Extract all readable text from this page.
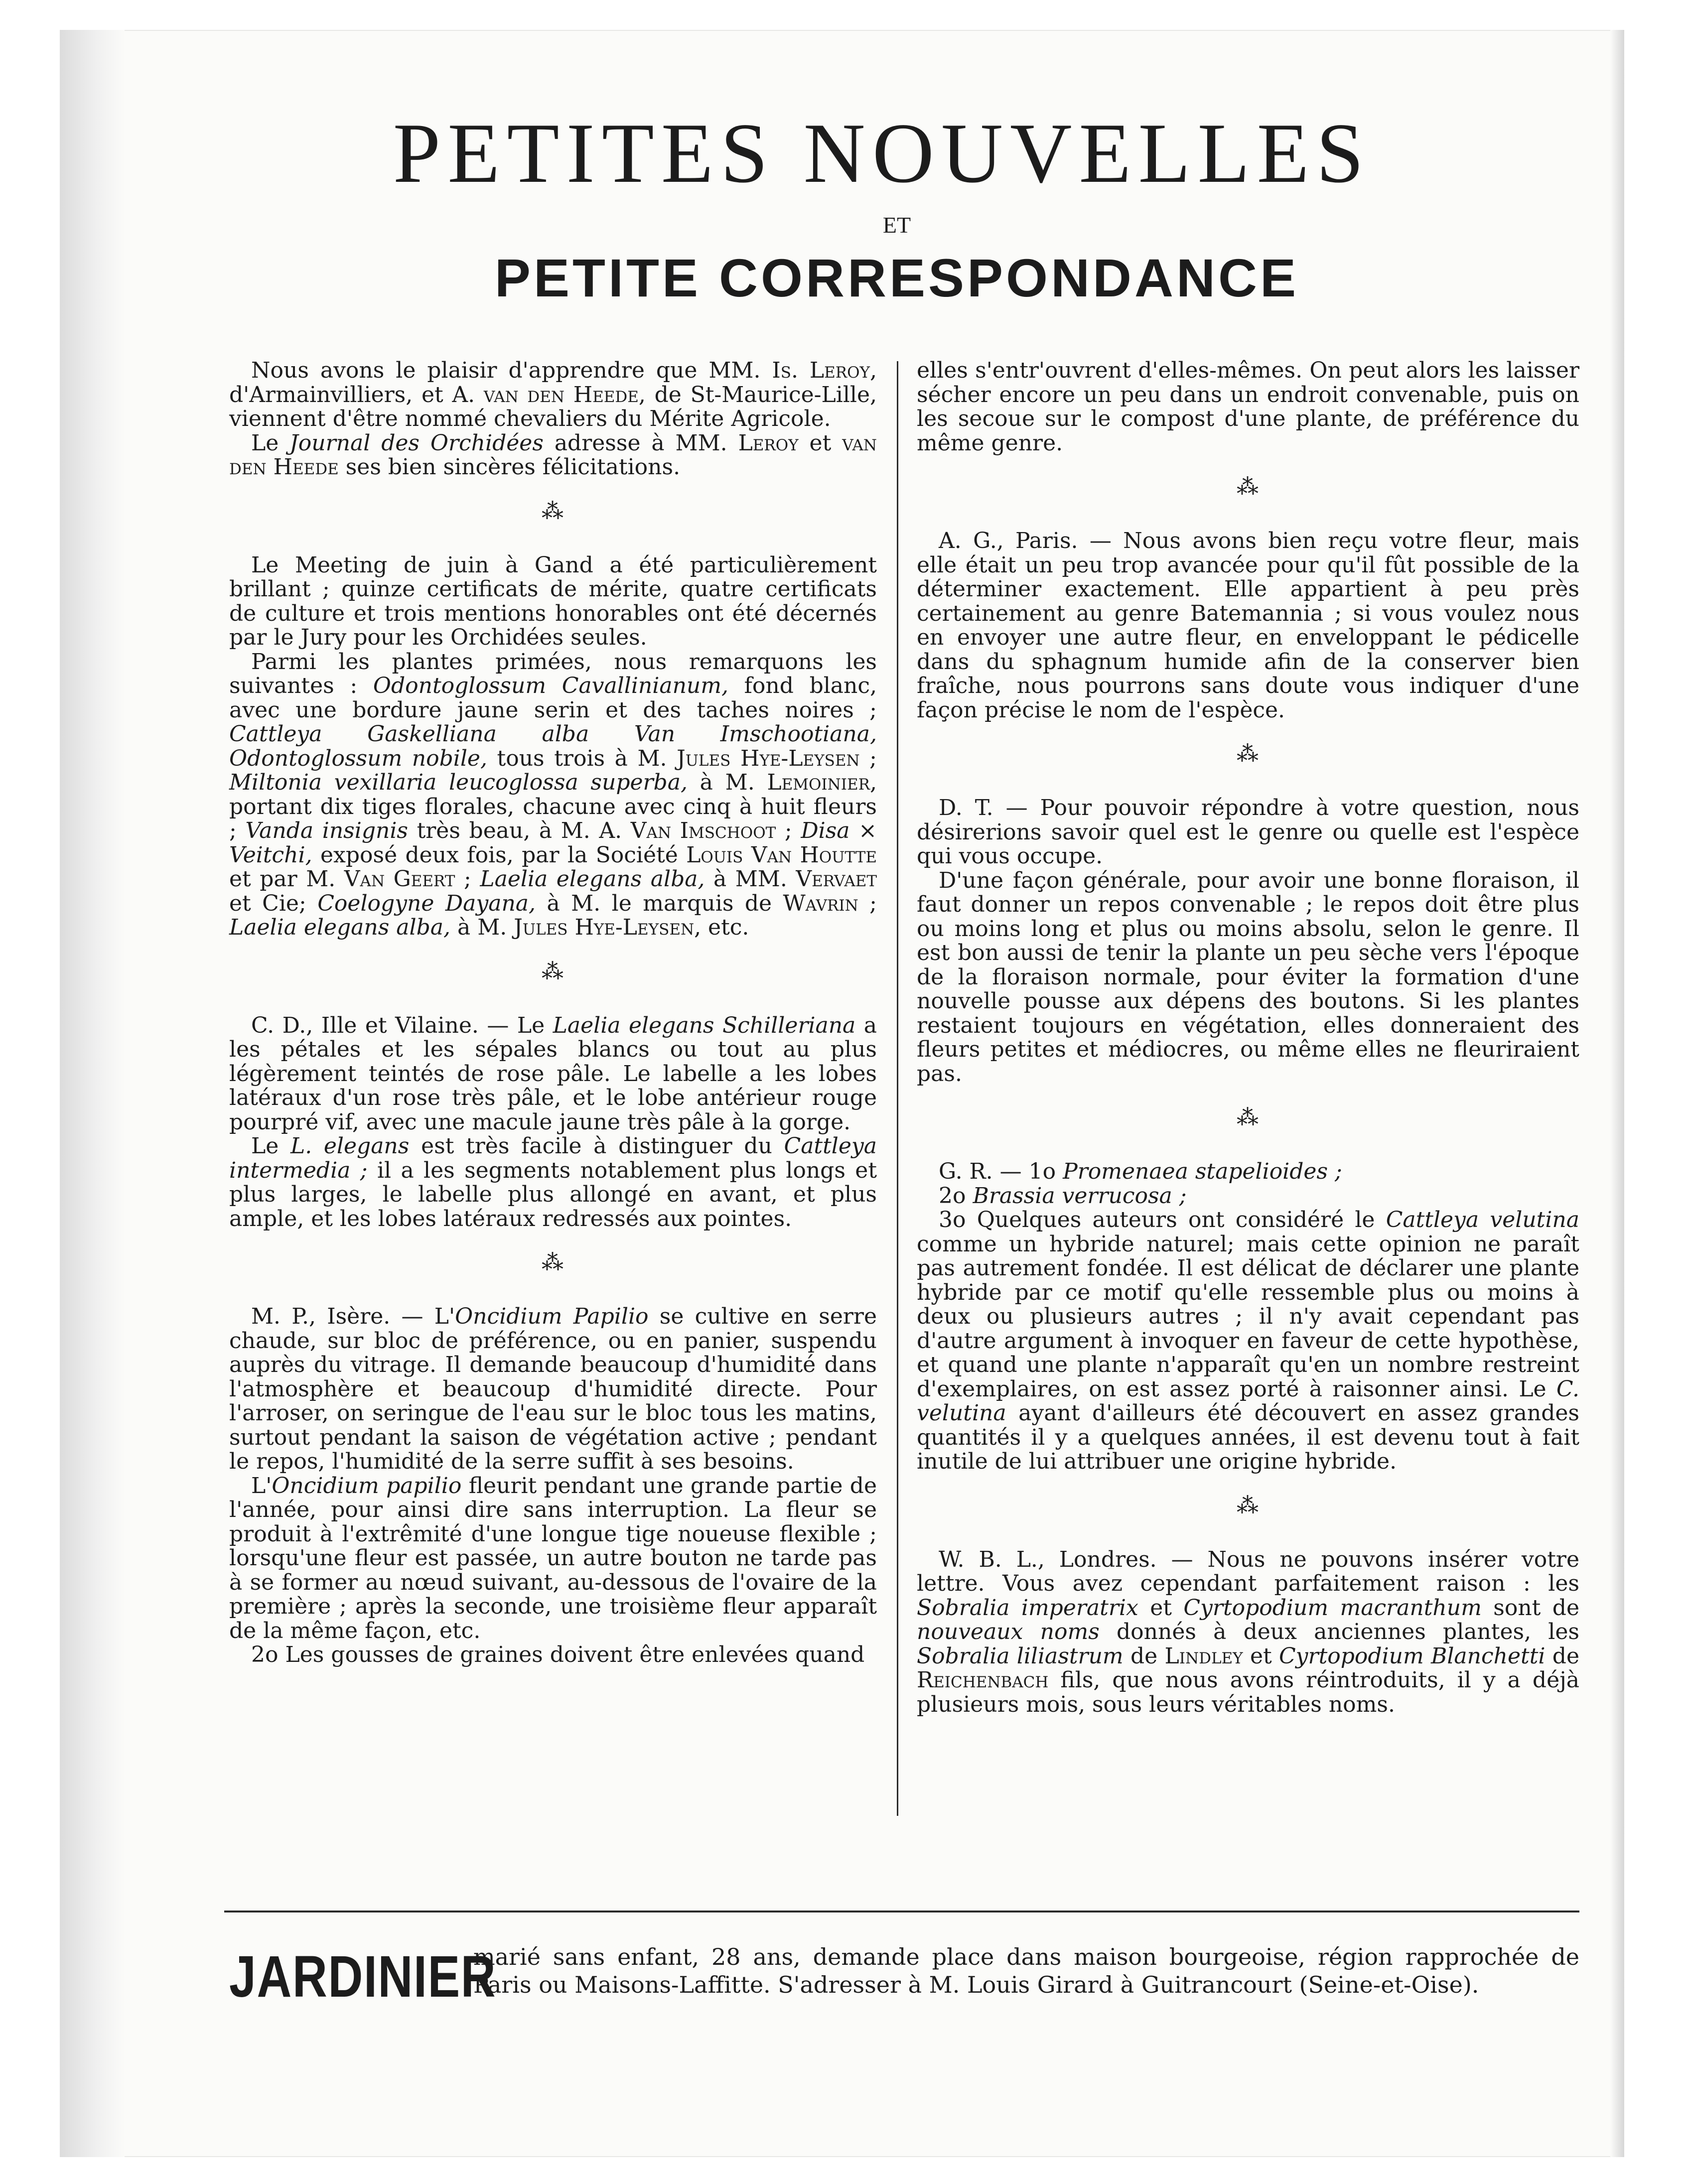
PETITES NOUVELLES
ET
PETITE CORRESPONDANCE

Nous avons le plaisir d'apprendre que MM. Is. Leroy, d'Armainvilliers, et A. van den Heede, de St-Maurice-Lille, viennent d'être nommé chevaliers du Mérite Agricole.

Le Journal des Orchidées adresse à MM. Leroy et van den Heede ses bien sincères félicitations.

⁂

Le Meeting de juin à Gand a été particulièrement brillant ; quinze certificats de mérite, quatre certificats de culture et trois mentions honorables ont été décernés par le Jury pour les Orchidées seules.

Parmi les plantes primées, nous remarquons les suivantes : Odontoglossum Cavallinianum, fond blanc, avec une bordure jaune serin et des taches noires ; Cattleya Gaskelliana alba Van Imschootiana, Odontoglossum nobile, tous trois à M. Jules Hye-Leysen ; Miltonia vexillaria leucoglossa superba, à M. Lemoinier, portant dix tiges florales, chacune avec cinq à huit fleurs ; Vanda insignis très beau, à M. A. Van Imschoot ; Disa × Veitchi, exposé deux fois, par la Société Louis Van Houtte et par M. Van Geert ; Laelia elegans alba, à MM. Vervaet et Cie; Coelogyne Dayana, à M. le marquis de Wavrin ; Laelia elegans alba, à M. Jules Hye-Leysen, etc.

⁂

C. D., Ille et Vilaine. — Le Laelia elegans Schilleriana a les pétales et les sépales blancs ou tout au plus légèrement teintés de rose pâle. Le labelle a les lobes latéraux d'un rose très pâle, et le lobe antérieur rouge pourpré vif, avec une macule jaune très pâle à la gorge.

Le L. elegans est très facile à distinguer du Cattleya intermedia ; il a les segments notablement plus longs et plus larges, le labelle plus allongé en avant, et plus ample, et les lobes latéraux redressés aux pointes.

⁂

M. P., Isère. — L'Oncidium Papilio se cultive en serre chaude, sur bloc de préférence, ou en panier, suspendu auprès du vitrage. Il demande beaucoup d'humidité dans l'atmosphère et beaucoup d'humidité directe. Pour l'arroser, on seringue de l'eau sur le bloc tous les matins, surtout pendant la saison de végétation active ; pendant le repos, l'humidité de la serre suffit à ses besoins.

L'Oncidium papilio fleurit pendant une grande partie de l'année, pour ainsi dire sans interruption. La fleur se produit à l'extrêmité d'une longue tige noueuse flexible ; lorsqu'une fleur est passée, un autre bouton ne tarde pas à se former au nœud suivant, au-dessous de l'ovaire de la première ; après la seconde, une troisième fleur apparaît de la même façon, etc.

2o Les gousses de graines doivent être enlevées quand

elles s'entr'ouvrent d'elles-mêmes. On peut alors les laisser sécher encore un peu dans un endroit convenable, puis on les secoue sur le compost d'une plante, de préférence du même genre.

⁂

A. G., Paris. — Nous avons bien reçu votre fleur, mais elle était un peu trop avancée pour qu'il fût possible de la déterminer exactement. Elle appartient à peu près certainement au genre Batemannia ; si vous voulez nous en envoyer une autre fleur, en enveloppant le pédicelle dans du sphagnum humide afin de la conserver bien fraîche, nous pourrons sans doute vous indiquer d'une façon précise le nom de l'espèce.

⁂

D. T. — Pour pouvoir répondre à votre question, nous désirerions savoir quel est le genre ou quelle est l'espèce qui vous occupe.

D'une façon générale, pour avoir une bonne floraison, il faut donner un repos convenable ; le repos doit être plus ou moins long et plus ou moins absolu, selon le genre. Il est bon aussi de tenir la plante un peu sèche vers l'époque de la floraison normale, pour éviter la formation d'une nouvelle pousse aux dépens des boutons. Si les plantes restaient toujours en végétation, elles donneraient des fleurs petites et médiocres, ou même elles ne fleuriraient pas.

⁂

G. R. — 1o Promenaea stapelioides ;

2o Brassia verrucosa ;

3o Quelques auteurs ont considéré le Cattleya velutina comme un hybride naturel; mais cette opinion ne paraît pas autrement fondée. Il est délicat de déclarer une plante hybride par ce motif qu'elle ressemble plus ou moins à deux ou plusieurs autres ; il n'y avait cependant pas d'autre argument à invoquer en faveur de cette hypothèse, et quand une plante n'apparaît qu'en un nombre restreint d'exemplaires, on est assez porté à raisonner ainsi. Le C. velutina ayant d'ailleurs été découvert en assez grandes quantités il y a quelques années, il est devenu tout à fait inutile de lui attribuer une origine hybride.

⁂

W. B. L., Londres. — Nous ne pouvons insérer votre lettre. Vous avez cependant parfaitement raison : les Sobralia imperatrix et Cyrtopodium macranthum sont de nouveaux noms donnés à deux anciennes plantes, les Sobralia liliastrum de Lindley et Cyrtopodium Blanchetti de Reichenbach fils, que nous avons réintroduits, il y a déjà plusieurs mois, sous leurs véritables noms.

JARDINIER
marié sans enfant, 28 ans, demande place dans maison bourgeoise, région rapprochée de Paris ou Maisons-Laffitte. S'adresser à M. Louis Girard à Guitrancourt (Seine-et-Oise).
